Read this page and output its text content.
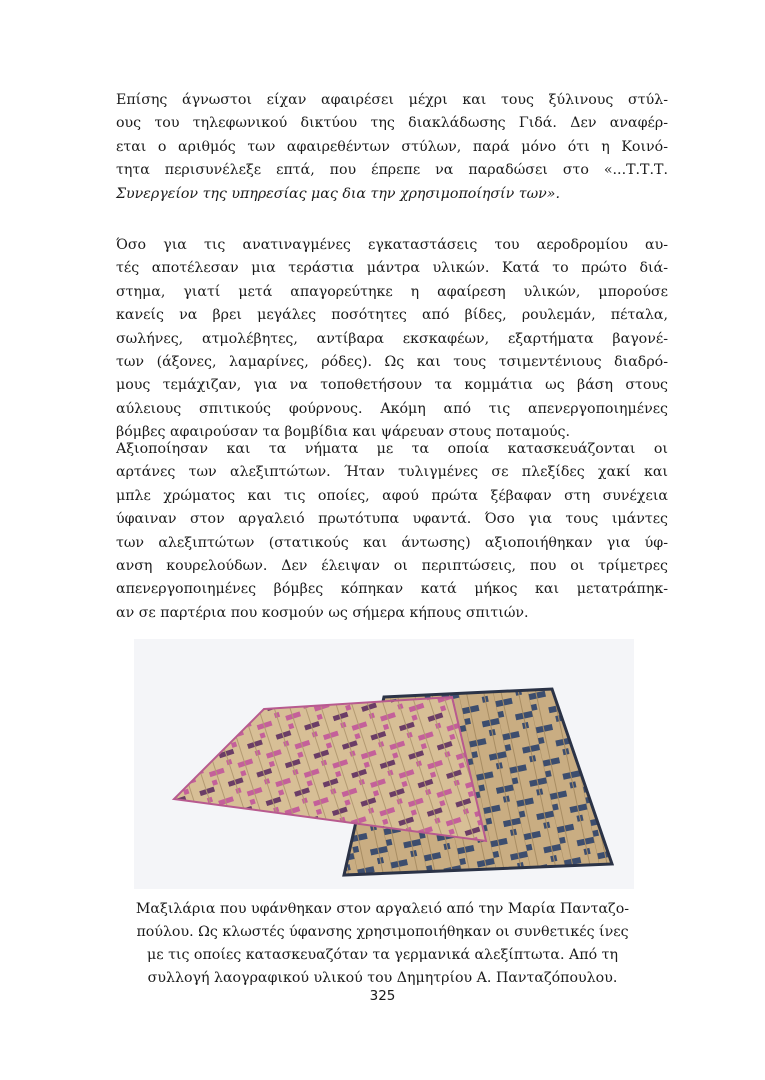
Επίσης άγνωστοι είχαν αφαιρέσει μέχρι και τους ξύλινους στύλ-
ους του τηλεφωνικού δικτύου της διακλάδωσης Γιδά. Δεν αναφέρ-
εται ο αριθμός των αφαιρεθέντων στύλων, παρά μόνο ότι η Κοινό-
τητα περισυνέλεξε επτά, που έπρεπε να παραδώσει στο «...Τ.Τ.Τ.
Συνεργείον της υπηρεσίας μας δια την χρησιμοποίησίν των».
Όσο για τις ανατιναγμένες εγκαταστάσεις του αεροδρομίου αυ-
τές αποτέλεσαν μια τεράστια μάντρα υλικών. Κατά το πρώτο διά-
στημα, γιατί μετά απαγορεύτηκε η αφαίρεση υλικών, μπορούσε
κανείς να βρει μεγάλες ποσότητες από βίδες, ρουλεμάν, πέταλα,
σωλήνες, ατμολέβητες, αντίβαρα εκσκαφέων, εξαρτήματα βαγονέ-
των (άξονες, λαμαρίνες, ρόδες). Ως και τους τσιμεντένιους διαδρό-
μους τεμάχιζαν, για να τοποθετήσουν τα κομμάτια ως βάση στους
αύλειους σπιτικούς φούρνους. Ακόμη από τις απενεργοποιημένες
βόμβες αφαιρούσαν τα βομβίδια και ψάρευαν στους ποταμούς.
Αξιοποίησαν και τα νήματα με τα οποία κατασκευάζονται οι
αρτάνες των αλεξιπτώτων. Ήταν τυλιγμένες σε πλεξίδες χακί και
μπλε χρώματος και τις οποίες, αφού πρώτα ξέβαφαν στη συνέχεια
ύφαιναν στον αργαλειό πρωτότυπα υφαντά. Όσο για τους ιμάντες
των αλεξιπτώτων (στατικούς και άντωσης) αξιοποιήθηκαν για ύφ-
ανση κουρελούδων. Δεν έλειψαν οι περιπτώσεις, που οι τρίμετρες
απενεργοποιημένες βόμβες κόπηκαν κατά μήκος και μετατράπηκ-
αν σε παρτέρια που κοσμούν ως σήμερα κήπους σπιτιών.
Μαξιλάρια που υφάνθηκαν στον αργαλειό από την Μαρία Πανταζο-
πούλου. Ως κλωστές ύφανσης χρησιμοποιήθηκαν οι συνθετικές ίνες
με τις οποίες κατασκευαζόταν τα γερμανικά αλεξίπτωτα. Από τη
συλλογή λαογραφικού υλικού του Δημητρίου Α. Πανταζόπουλου.
325
